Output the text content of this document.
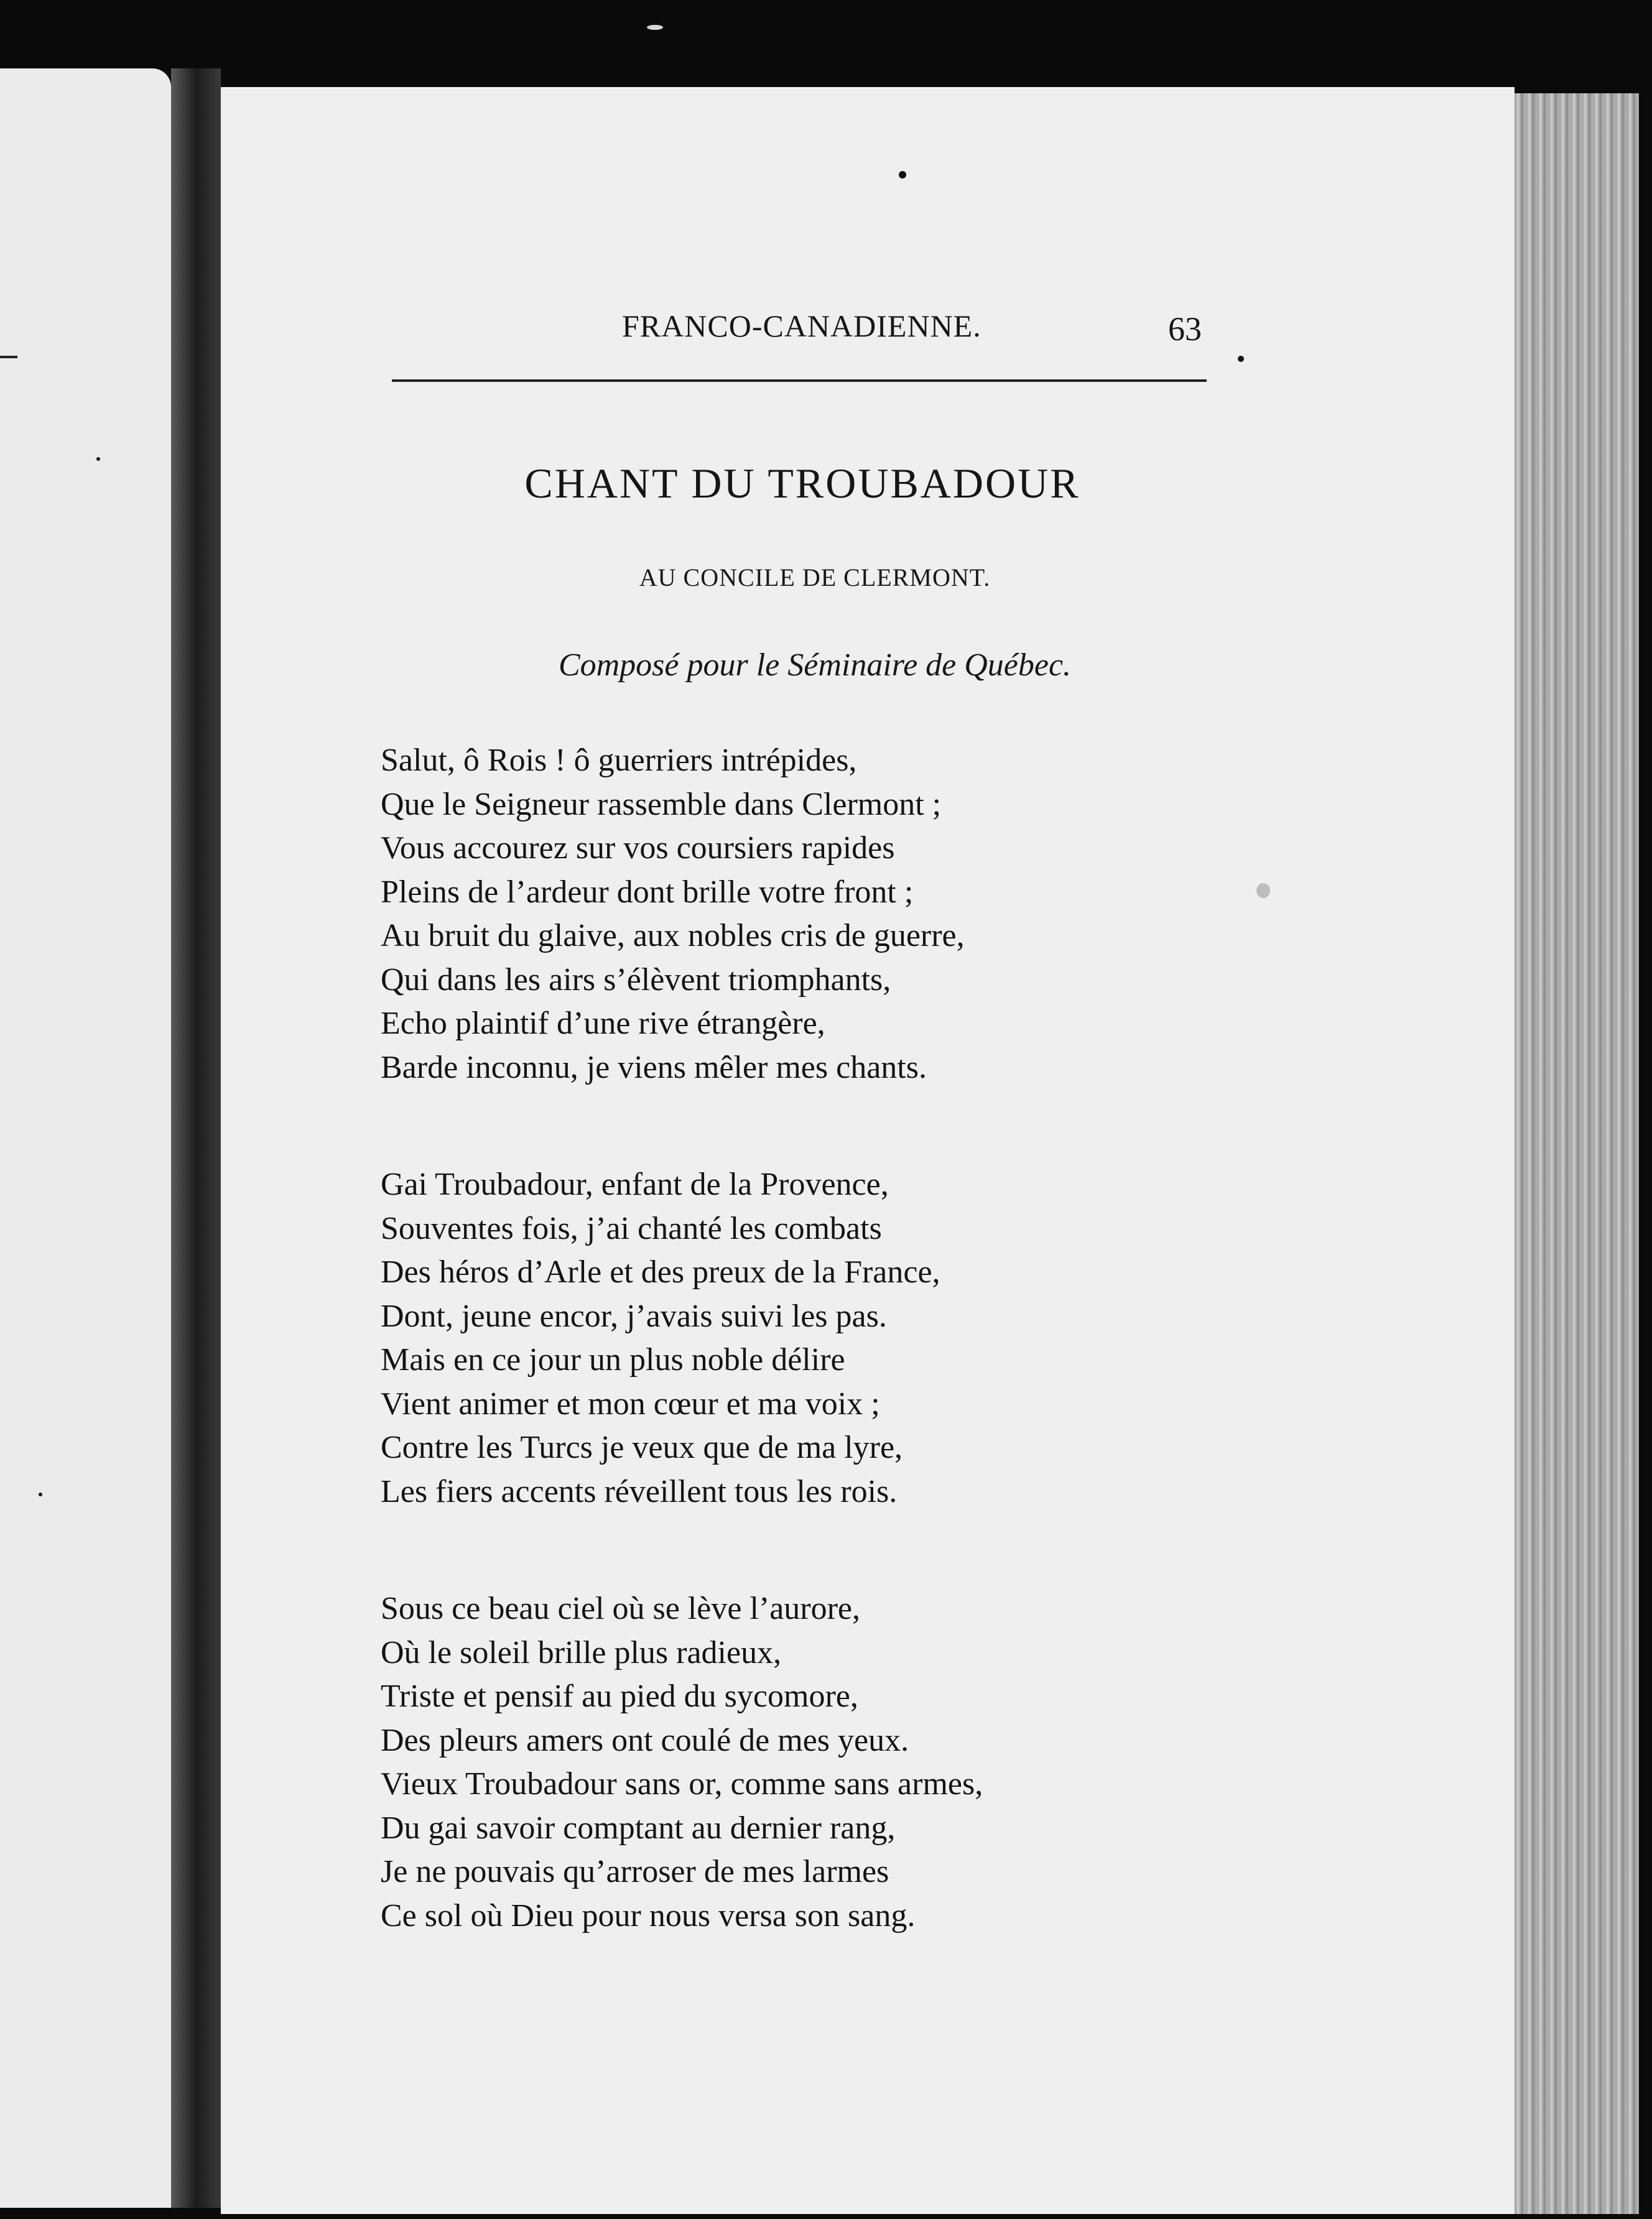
FRANCO-CANADIENNE.	63
CHANT DU TROUBADOUR
AU CONCILE DE CLERMONT.
Composé pour le Séminaire de Québec.
Salut, ô Rois ! ô guerriers intrépides,
Que le Seigneur rassemble dans Clermont ;
Vous accourez sur vos coursiers rapides
Pleins de l’ardeur dont brille votre front ;
Au bruit du glaive, aux nobles cris de guerre,
Qui dans les airs s’élèvent triomphants,
Echo plaintif d’une rive étrangère,
Barde inconnu, je viens mêler mes chants.
Gai Troubadour, enfant de la Provence,
Souventes fois, j’ai chanté les combats
Des héros d’Arle et des preux de la France,
Dont, jeune encor, j’avais suivi les pas.
Mais en ce jour un plus noble délire
Vient animer et mon cœur et ma voix ;
Contre les Turcs je veux que de ma lyre,
Les fiers accents réveillent tous les rois.
Sous ce beau ciel où se lève l’aurore,
Où le soleil brille plus radieux,
Triste et pensif au pied du sycomore,
Des pleurs amers ont coulé de mes yeux.
Vieux Troubadour sans or, comme sans armes,
Du gai savoir comptant au dernier rang,
Je ne pouvais qu’arroser de mes larmes
Ce sol où Dieu pour nous versa son sang.
